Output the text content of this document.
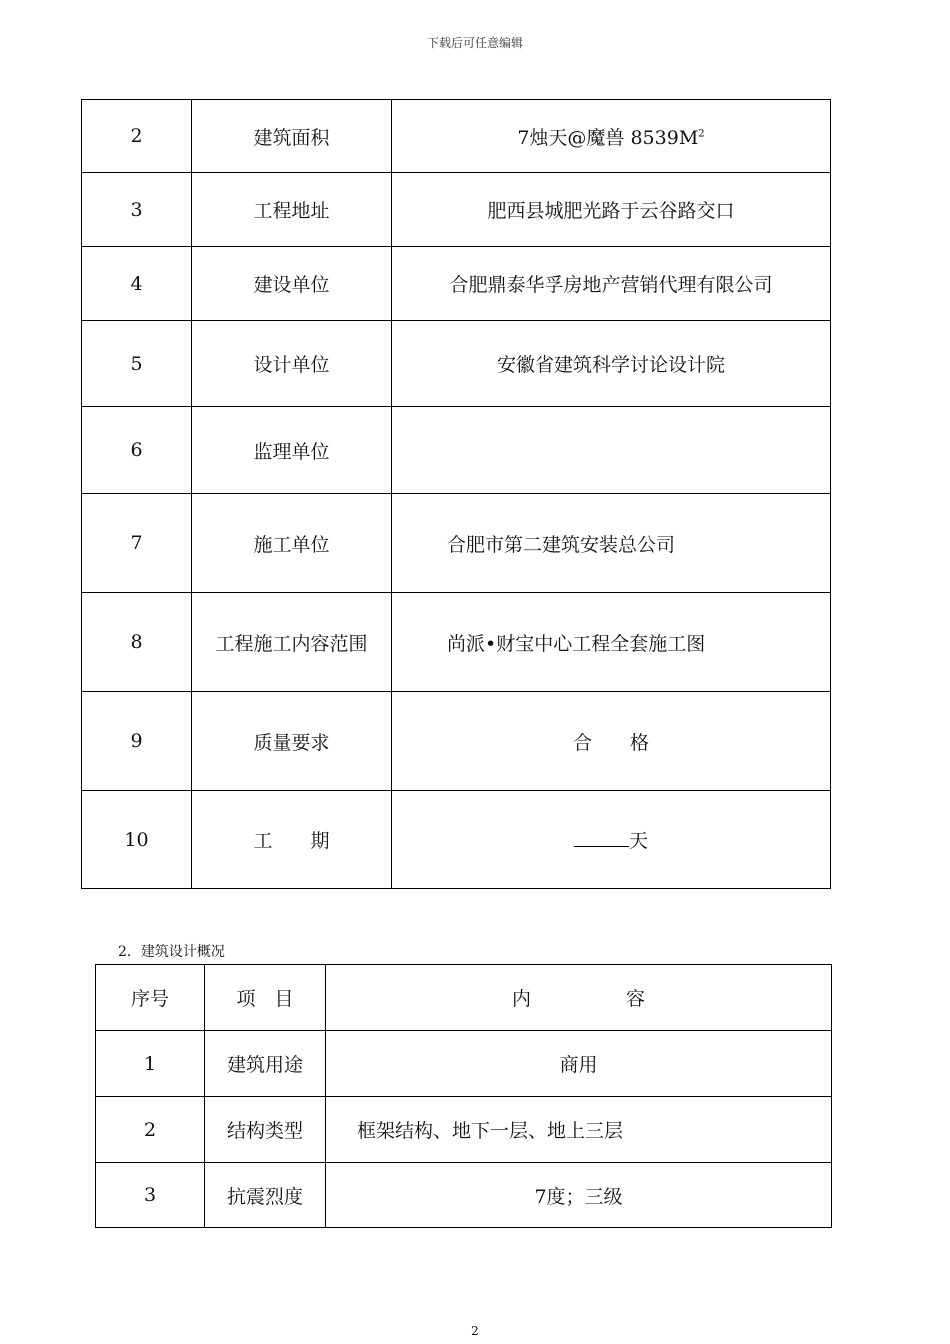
下载后可任意编辑
2	建筑面积	7烛天@魔兽 $8539M^2$
3	工程地址	肥西县城肥光路于云谷路交口
4	建设单位	合肥鼎泰华孚房地产营销代理有限公司
5	设计单位	安徽省建筑科学讨论设计院
6	监理单位	
7	施工单位	合肥市第二建筑安装总公司
8	工程施工内容范围	尚派•财宝中心工程全套施工图
9	质量要求	合　　格
10	工　　期	天
2．建筑设计概况
序号	项　目	内　　　　　容
1	建筑用途	商用
2	结构类型	框架结构、地下一层、地上三层
3	抗震烈度	7度；三级
2
